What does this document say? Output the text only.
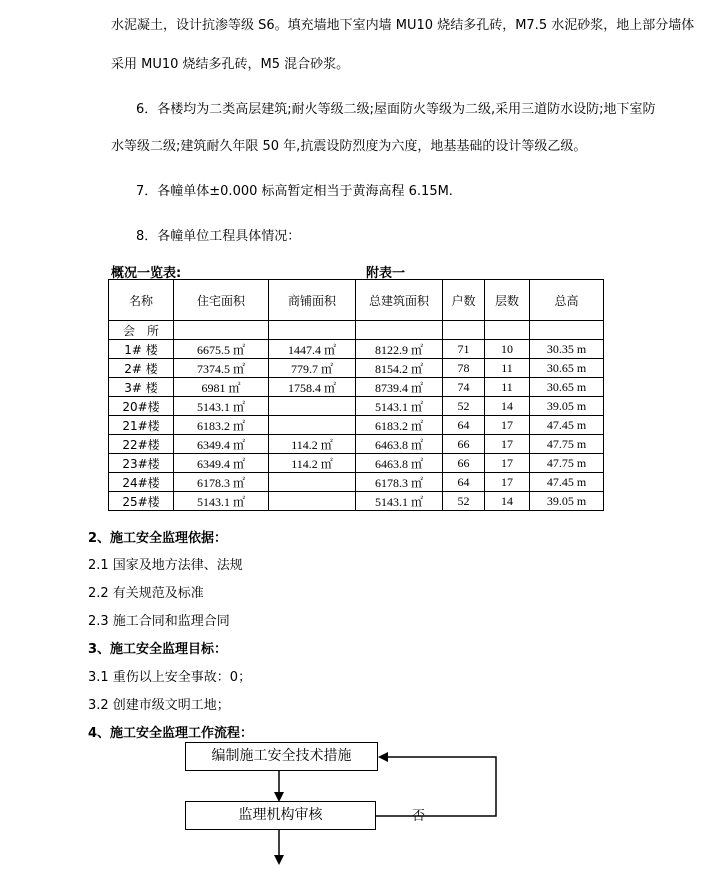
水泥凝土，设计抗渗等级 S6。填充墙地下室内墙 MU10 烧结多孔砖，M7.5 水泥砂浆，地上部分墙体
采用 MU10 烧结多孔砖，M5 混合砂浆。
6．各楼均为二类高层建筑;耐火等级二级;屋面防火等级为二级,采用三道防水设防;地下室防
水等级二级;建筑耐久年限 50 年,抗震设防烈度为六度，地基基础的设计等级乙级。
7．各幢单体±0.000 标高暂定相当于黄海高程 6.15M.
8．各幢单位工程具体情况：
概况一览表:	附表一
名称	住宅面积	商铺面积	总建筑面积	户数	层数	总高
会　所						
1# 楼	6675.5 ㎡	1447.4 ㎡	8122.9 ㎡	71	10	30.35 m
2# 楼	7374.5 ㎡	779.7 ㎡	8154.2 ㎡	78	11	30.65 m
3# 楼	6981 ㎡	1758.4 ㎡	8739.4 ㎡	74	11	30.65 m
20#楼	5143.1 ㎡		5143.1 ㎡	52	14	39.05 m
21#楼	6183.2 ㎡		6183.2 ㎡	64	17	47.45 m
22#楼	6349.4 ㎡	114.2 ㎡	6463.8 ㎡	66	17	47.75 m
23#楼	6349.4 ㎡	114.2 ㎡	6463.8 ㎡	66	17	47.75 m
24#楼	6178.3 ㎡		6178.3 ㎡	64	17	47.45 m
25#楼	5143.1 ㎡		5143.1 ㎡	52	14	39.05 m
2、施工安全监理依据：
2.1 国家及地方法律、法规
2.2 有关规范及标准
2.3 施工合同和监理合同
3、施工安全监理目标：
3.1 重伤以上安全事故：0；
3.2 创建市级文明工地；
4、施工安全监理工作流程：
编制施工安全技术措施
监理机构审核	否
